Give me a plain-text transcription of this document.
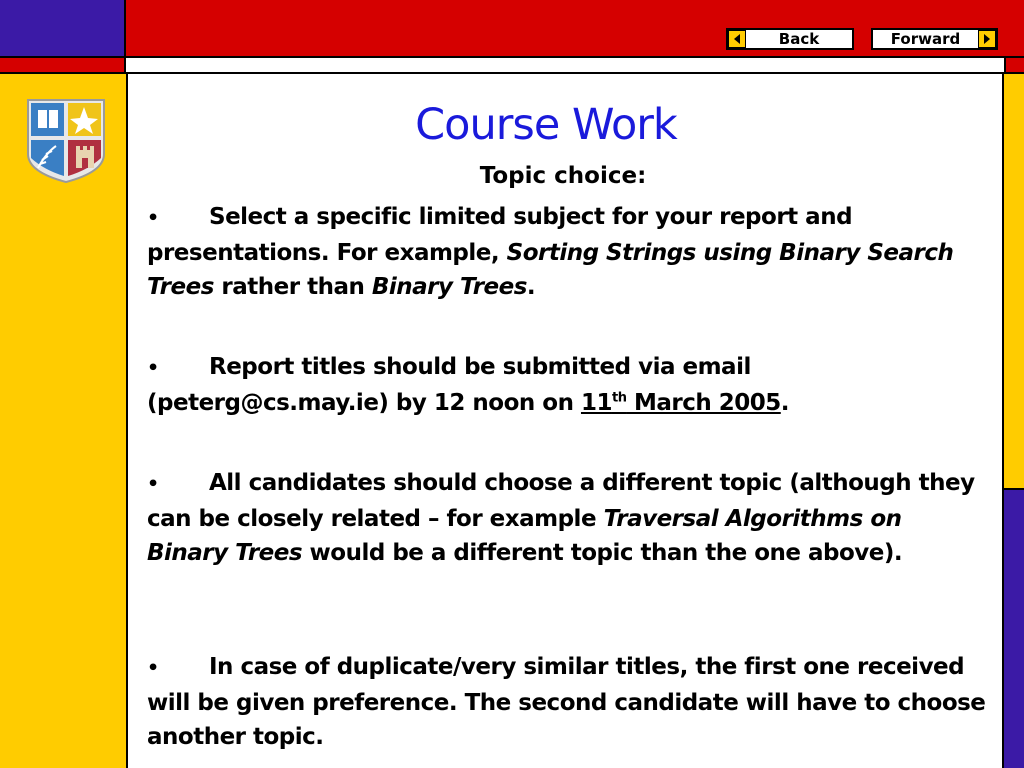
Back	Forward
Course Work
Topic choice:
• Select a specific limited subject for your report and presentations. For example, Sorting Strings using Binary Search Trees rather than Binary Trees.
• Report titles should be submitted via email (peterg@cs.may.ie) by 12 noon on 11th March 2005.
• All candidates should choose a different topic (although they can be closely related – for example Traversal Algorithms on Binary Trees would be a different topic than the one above).
• In case of duplicate/very similar titles, the first one received will be given preference. The second candidate will have to choose another topic.
